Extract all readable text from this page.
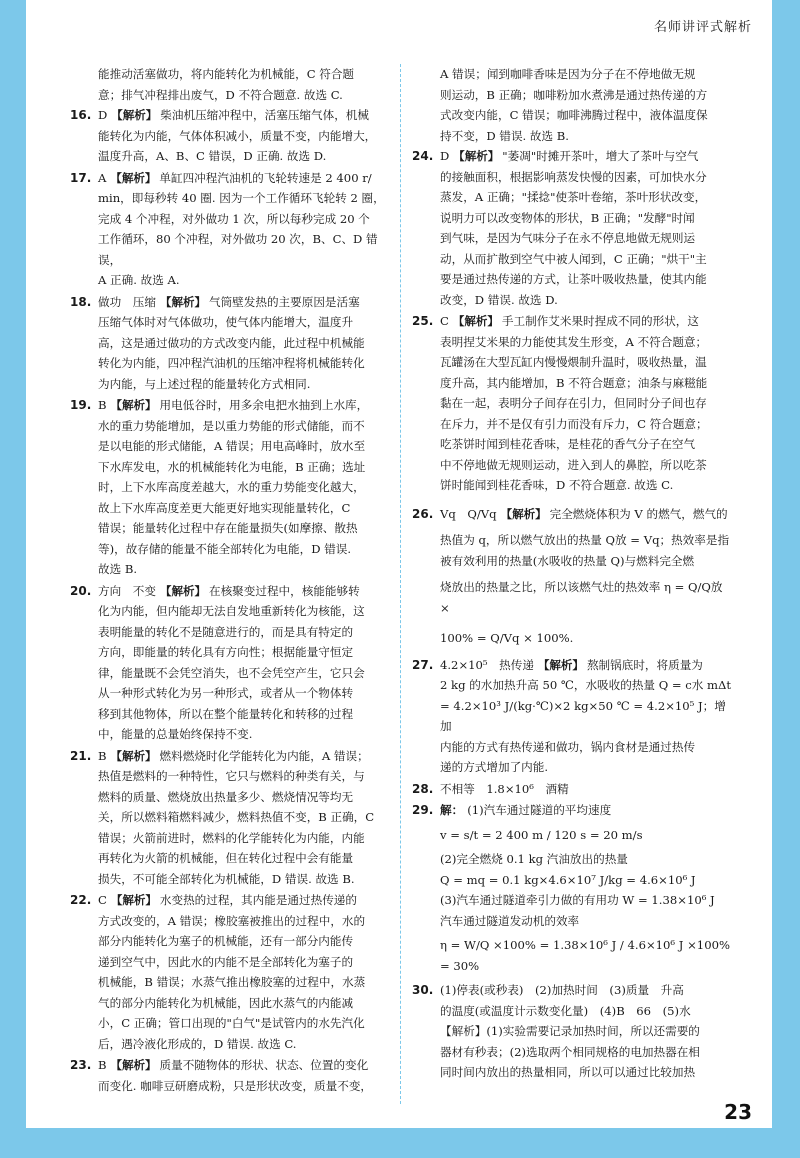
名师讲评式解析
能推动活塞做功，将内能转化为机械能，C 符合题
意；排气冲程排出废气，D 不符合题意. 故选 C.
16. D 【解析】 柴油机压缩冲程中，活塞压缩气体，机械
能转化为内能，气体体积减小，质量不变，内能增大，
温度升高，A、B、C 错误，D 正确. 故选 D.
17. A 【解析】 单缸四冲程汽油机的飞轮转速是 2 400 r/
min，即每秒转 40 圈. 因为一个工作循环飞轮转 2 圈，
完成 4 个冲程，对外做功 1 次，所以每秒完成 20 个
工作循环，80 个冲程，对外做功 20 次，B、C、D 错误，
A 正确. 故选 A.
18. 做功　压缩 【解析】 气筒壁发热的主要原因是活塞
压缩气体时对气体做功，使气体内能增大，温度升
高，这是通过做功的方式改变内能，此过程中机械能
转化为内能，四冲程汽油机的压缩冲程将机械能转化
为内能，与上述过程的能量转化方式相同.
19. B 【解析】 用电低谷时，用多余电把水抽到上水库，
水的重力势能增加，是以重力势能的形式储能，而不
是以电能的形式储能，A 错误；用电高峰时，放水至
下水库发电，水的机械能转化为电能，B 正确；选址
时，上下水库高度差越大，水的重力势能变化越大，
故上下水库高度差更大能更好地实现能量转化，C
错误；能量转化过程中存在能量损失(如摩擦、散热
等)，故存储的能量不能全部转化为电能，D 错误.
故选 B.
20. 方向　不变 【解析】 在核聚变过程中，核能能够转
化为内能，但内能却无法自发地重新转化为核能，这
表明能量的转化不是随意进行的，而是具有特定的
方向，即能量的转化具有方向性；根据能量守恒定
律，能量既不会凭空消失，也不会凭空产生，它只会
从一种形式转化为另一种形式，或者从一个物体转
移到其他物体，所以在整个能量转化和转移的过程
中，能量的总量始终保持不变.
21. B 【解析】 燃料燃烧时化学能转化为内能，A 错误；
热值是燃料的一种特性，它只与燃料的种类有关，与
燃料的质量、燃烧放出热量多少、燃烧情况等均无
关，所以燃料箱燃料减少，燃料热值不变，B 正确，C
错误；火箭前进时，燃料的化学能转化为内能，内能
再转化为火箭的机械能，但在转化过程中会有能量
损失，不可能全部转化为机械能，D 错误. 故选 B.
22. C 【解析】 水变热的过程，其内能是通过热传递的
方式改变的，A 错误；橡胶塞被推出的过程中，水的
部分内能转化为塞子的机械能，还有一部分内能传
递到空气中，因此水的内能不是全部转化为塞子的
机械能，B 错误；水蒸气推出橡胶塞的过程中，水蒸
气的部分内能转化为机械能，因此水蒸气的内能减
小，C 正确；管口出现的"白气"是试管内的水先汽化
后，遇冷液化形成的，D 错误. 故选 C.
23. B 【解析】 质量不随物体的形状、状态、位置的变化
而变化. 咖啡豆研磨成粉，只是形状改变，质量不变，
A 错误；闻到咖啡香味是因为分子在不停地做无规
则运动，B 正确；咖啡粉加水煮沸是通过热传递的方
式改变内能，C 错误；咖啡沸腾过程中，液体温度保
持不变，D 错误. 故选 B.
24. D 【解析】 "萎凋"时摊开茶叶，增大了茶叶与空气
的接触面积，根据影响蒸发快慢的因素，可加快水分
蒸发，A 正确；"揉捻"使茶叶卷缩，茶叶形状改变，
说明力可以改变物体的形状，B 正确；"发酵"时闻
到气味，是因为气味分子在永不停息地做无规则运
动，从而扩散到空气中被人闻到，C 正确；"烘干"主
要是通过热传递的方式，让茶叶吸收热量，使其内能
改变，D 错误. 故选 D.
25. C 【解析】 手工制作艾米果时捏成不同的形状，这
表明捏艾米果的力能使其发生形变，A 不符合题意；
瓦罐汤在大型瓦缸内慢慢煨制升温时，吸收热量，温
度升高，其内能增加，B 不符合题意；油条与麻糍能
黏在一起，表明分子间存在引力，但同时分子间也存
在斥力，并不是仅有引力而没有斥力，C 符合题意；
吃茶饼时闻到桂花香味，是桂花的香气分子在空气
中不停地做无规则运动，进入到人的鼻腔，所以吃茶
饼时能闻到桂花香味，D 不符合题意. 故选 C.
26. Vq　Q/Vq 【解析】 完全燃烧体积为 V 的燃气，燃气的
热值为 q，所以燃气放出的热量 Q放 = Vq；热效率是指
被有效利用的热量(水吸收的热量 Q)与燃料完全燃
烧放出的热量之比，所以该燃气灶的热效率 η = Q/Q放 ×
100% = Q/Vq × 100%.
27. 4.2×10⁵　热传递 【解析】 熬制锅底时，将质量为
2 kg 的水加热升高 50 ℃，水吸收的热量 Q = c水 mΔt
= 4.2×10³ J/(kg·℃)×2 kg×50 ℃ = 4.2×10⁵ J；增加
内能的方式有热传递和做功，锅内食材是通过热传
递的方式增加了内能.
28. 不相等　1.8×10⁶　酒精
29. 解： (1)汽车通过隧道的平均速度
v = s/t = 2 400 m / 120 s = 20 m/s
(2)完全燃烧 0.1 kg 汽油放出的热量
Q = mq = 0.1 kg×4.6×10⁷ J/kg = 4.6×10⁶ J
(3)汽车通过隧道牵引力做的有用功 W = 1.38×10⁶ J
汽车通过隧道发动机的效率
η = W/Q ×100% = 1.38×10⁶ J / 4.6×10⁶ J ×100% = 30%
30. (1)停表(或秒表)　(2)加热时间　(3)质量　升高
的温度(或温度计示数变化量)　(4)B　66　(5)水
【解析】(1)实验需要记录加热时间，所以还需要的
器材有秒表；(2)选取两个相同规格的电加热器在相
同时间内放出的热量相同，所以可以通过比较加热
23
